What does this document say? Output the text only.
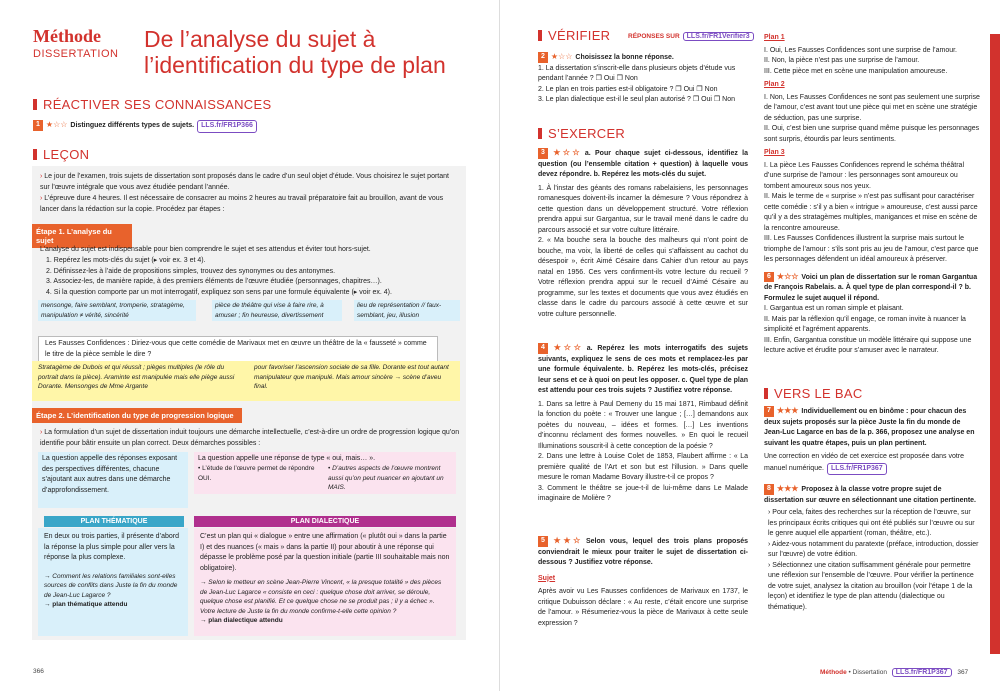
Méthode
DISSERTATION
De l’analyse du sujet à
l’identification du type de plan
RÉACTIVER SES CONNAISSANCES
1 ★☆☆ Distinguez différents types de sujets. LLS.fr/FR1P366
LEÇON
› Le jour de l’examen, trois sujets de dissertation sont proposés dans le cadre d’un seul objet d’étude. Vous choisirez le sujet portant sur l’œuvre intégrale que vous avez étudiée pendant l’année.
› L’épreuve dure 4 heures. Il est nécessaire de consacrer au moins 2 heures au travail préparatoire fait au brouillon, avant de vous lancer dans la rédaction sur la copie. Procédez par étapes :
Étape 1. L’analyse du sujet
L’analyse du sujet est indispensable pour bien comprendre le sujet et ses attendus et éviter tout hors-sujet.
1. Repérez les mots-clés du sujet (▸ voir ex. 3 et 4).
2. Définissez-les à l’aide de propositions simples, trouvez des synonymes ou des antonymes.
3. Associez-les, de manière rapide, à des premiers éléments de l’œuvre étudiée (personnages, chapitres…).
4. Si la question comporte par un mot interrogatif, expliquez son sens par une formule équivalente (▸ voir ex. 4).
mensonge, faire semblant, tromperie, stratagème, manipulation ≠ vérité, sincérité
pièce de théâtre qui vise à faire rire, à amuser ; fin heureuse, divertissement
lieu de représentation // faux-semblant, jeu, illusion
Les Fausses Confidences : Diriez-vous que cette comédie de Marivaux met en œuvre un théâtre de la « fausseté » comme le titre de la pièce semble le dire ?
Stratagème de Dubois et qui réussit ; pièges multiples (le rôle du portrait dans la pièce). Araminte est manipulée mais elle piège aussi Dorante. Mensonges de Mme Argante
pour favoriser l’ascension sociale de sa fille. Dorante est tout autant manipulateur que manipulé. Mais amour sincère → scène d’aveu final.
Étape 2. L’identification du type de progression logique
› La formulation d’un sujet de dissertation induit toujours une démarche intellectuelle, c’est-à-dire un ordre de progression logique qu’on identifie pour bâtir ensuite un plan correct. Deux démarches possibles :
La question appelle des réponses exposant des perspectives différentes, chacune s’ajoutant aux autres dans une démarche d’approfondissement.
La question appelle une réponse de type « oui, mais… ».
• L’étude de l’œuvre permet de répondre OUI.
• D’autres aspects de l’œuvre montrent aussi qu’on peut nuancer en ajoutant un MAIS.
PLAN THÉMATIQUE
En deux ou trois parties, il présente d’abord la réponse la plus simple pour aller vers la réponse la plus complexe.
→ Comment les relations familiales sont-elles sources de conflits dans Juste la fin du monde de Jean-Luc Lagarce ?
→ plan thématique attendu
PLAN DIALECTIQUE
C’est un plan qui « dialogue » entre une affirmation (« plutôt oui » dans la partie I) et des nuances (« mais » dans la partie II) pour aboutir à une réponse qui dépasse le problème posé par la question initiale (partie III souhaitable mais non obligatoire).
→ Selon le metteur en scène Jean-Pierre Vincent, « la presque totalité » des pièces de Jean-Luc Lagarce « consiste en ceci : quelque chose doit arriver, se déroule, quelque chose est planifié. Et ce quelque chose ne se produit pas ; il y a échec ». Votre lecture de Juste la fin du monde confirme-t-elle cette opinion ?
→ plan dialectique attendu
366
VÉRIFIER	RÉPONSES SUR LLS.fr/FR1Verifier3
2 ★☆☆ Choisissez la bonne réponse.
1. La dissertation s’inscrit-elle dans plusieurs objets d’étude vus pendant l’année ? ❒ Oui ❒ Non
2. Le plan en trois parties est-il obligatoire ? ❒ Oui ❒ Non
3. Le plan dialectique est-il le seul plan autorisé ? ❒ Oui ❒ Non
S’EXERCER
3 ★☆☆ a. Pour chaque sujet ci-dessous, identifiez la question (ou l’ensemble citation + question) à laquelle vous devez répondre. b. Repérez les mots-clés du sujet.
1. À l’instar des géants des romans rabelaisiens, les personnages romanesques doivent-ils incarner la démesure ? Vous répondrez à cette question dans un développement structuré. Votre réflexion prendra appui sur Gargantua, sur le travail mené dans le cadre du parcours associé et sur votre culture littéraire.
2. « Ma bouche sera la bouche des malheurs qui n’ont point de bouche, ma voix, la liberté de celles qui s’affaissent au cachot du désespoir », écrit Aimé Césaire dans Cahier d’un retour au pays natal en 1956. Ces vers confirment-ils votre lecture du recueil ? Votre réflexion prendra appui sur le recueil d’Aimé Césaire au programme, sur les textes et documents que vous avez étudiés en classe dans le cadre du parcours associé à cette œuvre et sur votre culture personnelle.
4 ★☆☆ a. Repérez les mots interrogatifs des sujets suivants, expliquez le sens de ces mots et remplacez-les par une formule équivalente. b. Repérez les mots-clés, précisez leur sens et ce à quoi on peut les opposer. c. Quel type de plan est attendu pour ces trois sujets ? Justifiez votre réponse.
1. Dans sa lettre à Paul Demeny du 15 mai 1871, Rimbaud définit la fonction du poète : « Trouver une langue ; […] demandons aux poètes du nouveau, – idées et formes. […] Les inventions d’inconnu réclament des formes nouvelles. » En quoi le recueil Illuminations souscrit-il à cette conception de la poésie ?
2. Dans une lettre à Louise Colet de 1853, Flaubert affirme : « La première qualité de l’Art et son but est l’illusion. » Dans quelle mesure le roman Madame Bovary illustre-t-il ce propos ?
3. Comment le théâtre se joue-t-il de lui-même dans Le Malade imaginaire de Molière ?
5 ★★☆ Selon vous, lequel des trois plans proposés conviendrait le mieux pour traiter le sujet de dissertation ci-dessous ? Justifiez votre réponse.
Sujet
Après avoir vu Les Fausses confidences de Marivaux en 1737, le critique Dubuisson déclare : « Au reste, c’était encore une surprise de l’amour. » Résumeriez-vous la pièce de Marivaux à cette seule expression ?
Méthode • Dissertation LLS.fr/FR1P367 367
Plan 1
I. Oui, Les Fausses Confidences sont une surprise de l’amour.
II. Non, la pièce n’est pas une surprise de l’amour.
III. Cette pièce met en scène une manipulation amoureuse.
Plan 2
I. Non, Les Fausses Confidences ne sont pas seulement une surprise de l’amour, c’est avant tout une pièce qui met en scène une stratégie de séduction, pas une surprise.
II. Oui, c’est bien une surprise quand même puisque les personnages sont surpris, étourdis par leurs sentiments.
Plan 3
I. La pièce Les Fausses Confidences reprend le schéma théâtral d’une surprise de l’amour : les personnages sont amoureux ou tombent amoureux sous nos yeux.
II. Mais le terme de « surprise » n’est pas suffisant pour caractériser cette comédie : s’il y a bien « intrigue » amoureuse, c’est aussi parce qu’il y a des stratagèmes multiples, manigances et mise en scène de la rencontre amoureuse.
III. Les Fausses Confidences illustrent la surprise mais surtout le triomphe de l’amour : s’ils sont pris au jeu de l’amour, c’est parce que les personnages défendent un idéal amoureux à préserver.
6 ★☆☆ Voici un plan de dissertation sur le roman Gargantua de François Rabelais. a. À quel type de plan correspond-il ? b. Formulez le sujet auquel il répond.
I. Gargantua est un roman simple et plaisant.
II. Mais par la réflexion qu’il engage, ce roman invite à nuancer la simplicité et l’agrément apparents.
III. Enfin, Gargantua constitue un modèle littéraire qui suppose une lecture active et érudite pour s’amuser avec le narrateur.
VERS LE BAC
7 ★★★ Individuellement ou en binôme : pour chacun des deux sujets proposés sur la pièce Juste la fin du monde de Jean-Luc Lagarce en bas de la p. 366, proposez une analyse en suivant les quatre étapes, puis un plan pertinent.
Une correction en vidéo de cet exercice est proposée dans votre manuel numérique. LLS.fr/FR1P367
8 ★★★ Proposez à la classe votre propre sujet de dissertation sur œuvre en sélectionnant une citation pertinente.
› Pour cela, faites des recherches sur la réception de l’œuvre, sur les principaux écrits critiques qui ont été publiés sur l’œuvre ou sur le genre auquel elle appartient (roman, théâtre, etc.).
› Aidez-vous notamment du paratexte (préface, introduction, dossier sur l’œuvre) de votre édition.
› Sélectionnez une citation suffisamment générale pour permettre une réflexion sur l’ensemble de l’œuvre. Pour vérifier la pertinence de votre sujet, analysez la citation au brouillon (voir l’étape 1 de la leçon) et identifiez le type de plan attendu (dialectique ou thématique).
